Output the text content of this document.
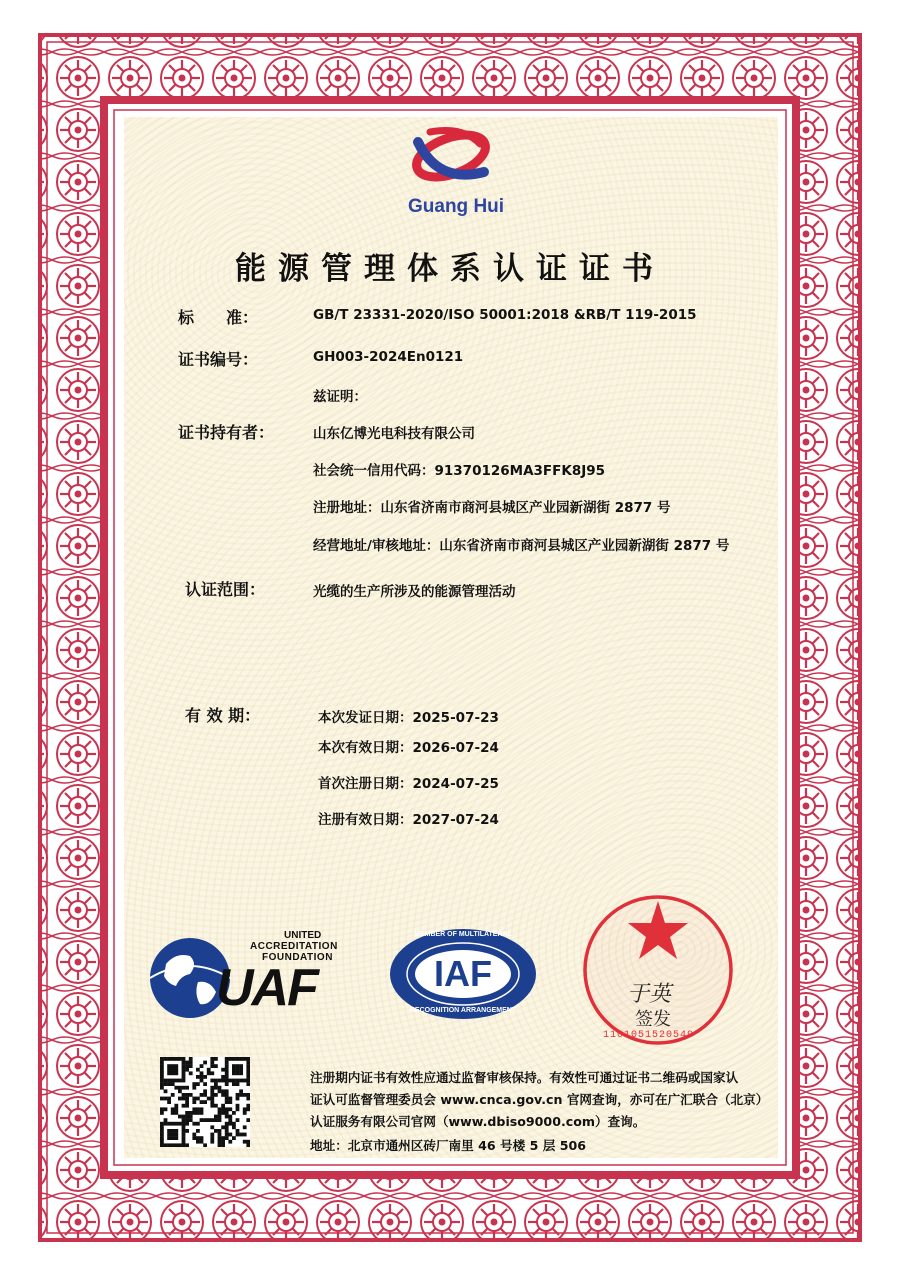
Guang Hui
能源管理体系认证证书
标　　准：	GB/T 23331-2020/ISO 50001:2018 &RB/T 119-2015
证书编号：	GH003-2024En0121
兹证明：
证书持有者：	山东亿博光电科技有限公司
社会统一信用代码：91370126MA3FFK8J95
注册地址：山东省济南市商河县城区产业园新湖街 2877 号
经营地址/审核地址：山东省济南市商河县城区产业园新湖街 2877 号
认证范围：	光缆的生产所涉及的能源管理活动
有 效 期：	本次发证日期：2025-07-23
本次有效日期：2026-07-24
首次注册日期：2024-07-25
注册有效日期：2027-07-24
UNITED
ACCREDITATION
FOUNDATION
UAF
MEMBER OF MULTILATERAL
IAF
RECOGNITION ARRANGEMENT
于英
签发
1101051520549
注册期内证书有效性应通过监督审核保持。有效性可通过证书二维码或国家认
证认可监督管理委员会 www.cnca.gov.cn 官网查询，亦可在广汇联合（北京）
认证服务有限公司官网（www.dbiso9000.com）查询。
地址：北京市通州区砖厂南里 46 号楼 5 层 506
